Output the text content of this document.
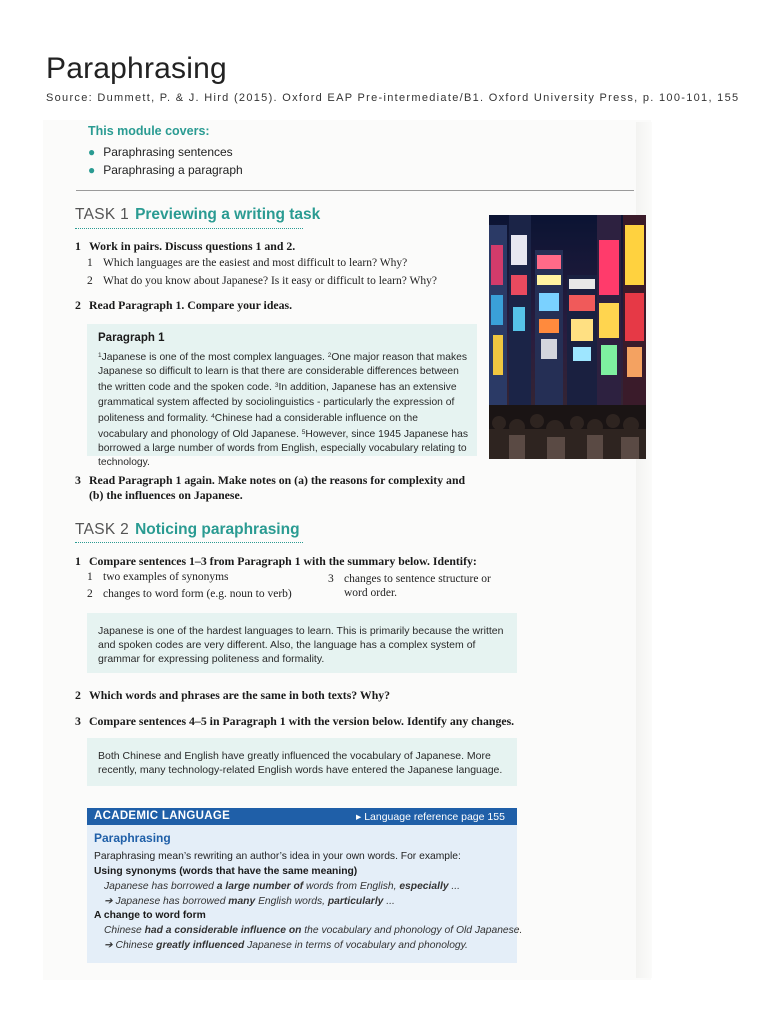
Paraphrasing
Source: Dummett, P. & J. Hird (2015). Oxford EAP Pre-intermediate/B1. Oxford University Press, p. 100-101, 155
This module covers:
● Paraphrasing sentences
● Paraphrasing a paragraph
TASK 1 Previewing a writing task
1 Work in pairs. Discuss questions 1 and 2.
1 Which languages are the easiest and most difficult to learn? Why?
2 What do you know about Japanese? Is it easy or difficult to learn? Why?
2 Read Paragraph 1. Compare your ideas.
Paragraph 1
$^1$Japanese is one of the most complex languages. $^2$One major reason that makes Japanese so difficult to learn is that there are considerable differences between the written code and the spoken code. $^3$In addition, Japanese has an extensive grammatical system affected by sociolinguistics - particularly the expression of politeness and formality. $^4$Chinese had a considerable influence on the vocabulary and phonology of Old Japanese. $^5$However, since 1945 Japanese has borrowed a large number of words from English, especially vocabulary relating to technology.
3 Read Paragraph 1 again. Make notes on (a) the reasons for complexity and
(b) the influences on Japanese.
TASK 2 Noticing paraphrasing
1 Compare sentences 1–3 from Paragraph 1 with the summary below. Identify:
1 two examples of synonyms
2 changes to word form (e.g. noun to verb)
3 changes to sentence structure or
word order.
Japanese is one of the hardest languages to learn. This is primarily because the written and spoken codes are very different. Also, the language has a complex system of grammar for expressing politeness and formality.
2 Which words and phrases are the same in both texts? Why?
3 Compare sentences 4–5 in Paragraph 1 with the version below. Identify any changes.
Both Chinese and English have greatly influenced the vocabulary of Japanese. More recently, many technology-related English words have entered the Japanese language.
ACADEMIC LANGUAGE	▸ Language reference page 155
Paraphrasing
Paraphrasing mean’s rewriting an author’s idea in your own words. For example:
Using synonyms (words that have the same meaning)
Japanese has borrowed a large number of words from English, especially ...
➔ Japanese has borrowed many English words, particularly ...
A change to word form
Chinese had a considerable influence on the vocabulary and phonology of Old Japanese.
➔ Chinese greatly influenced Japanese in terms of vocabulary and phonology.
